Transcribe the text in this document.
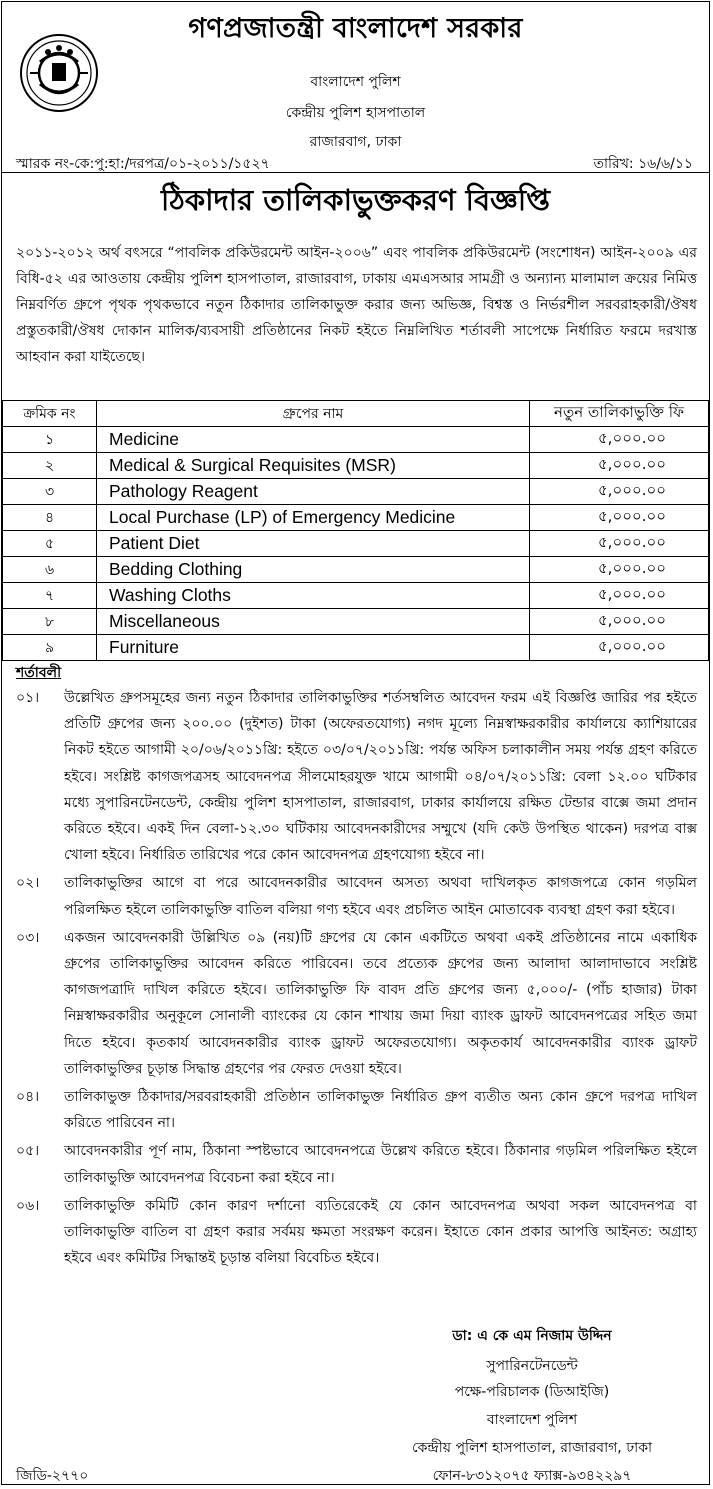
গণপ্রজাতন্ত্রী বাংলাদেশ সরকার
বাংলাদেশ পুলিশ
কেন্দ্রীয় পুলিশ হাসপাতাল
রাজারবাগ, ঢাকা
স্মারক নং-কে:পু:হা:/দরপত্র/০১-২০১১/১৫২৭	তারিখ: ১৬/৬/১১
ঠিকাদার তালিকাভুক্তকরণ বিজ্ঞপ্তি
২০১১-২০১২ অর্থ বৎসরে “পাবলিক প্রকিউরমেন্ট আইন-২০০৬” এবং পাবলিক প্রকিউরমেন্ট (সংশোধন) আইন-২০০৯ এর বিধি-৫২ এর আওতায় কেন্দ্রীয় পুলিশ হাসপাতাল, রাজারবাগ, ঢাকায় এমএসআর সামগ্রী ও অন্যান্য মালামাল ক্রয়ের নিমিত্ত নিম্নবর্ণিত গ্রুপে পৃথক পৃথকভাবে নতুন ঠিকাদার তালিকাভুক্ত করার জন্য অভিজ্ঞ, বিশ্বস্ত ও নির্ভরশীল সরবরাহকারী/ঔষধ প্রস্তুতকারী/ঔষধ দোকান মালিক/ব্যবসায়ী প্রতিষ্ঠানের নিকট হইতে নিম্নলিখিত শর্তাবলী সাপেক্ষে নির্ধারিত ফরমে দরখাস্ত আহবান করা যাইতেছে।
ক্রমিক নং	গ্রুপের নাম	নতুন তালিকাভুক্তি ফি
১	Medicine	৫,০০০.০০
২	Medical & Surgical Requisites (MSR)	৫,০০০.০০
৩	Pathology Reagent	৫,০০০.০০
৪	Local Purchase (LP) of Emergency Medicine	৫,০০০.০০
৫	Patient Diet	৫,০০০.০০
৬	Bedding Clothing	৫,০০০.০০
৭	Washing Cloths	৫,০০০.০০
৮	Miscellaneous	৫,০০০.০০
৯	Furniture	৫,০০০.০০
শর্তাবলী
০১।	উল্লেখিত গ্রুপসমূহের জন্য নতুন ঠিকাদার তালিকাভুক্তির শর্তসম্বলিত আবেদন ফরম এই বিজ্ঞপ্তি জারির পর হইতে প্রতিটি গ্রুপের জন্য ২০০.০০ (দুইশত) টাকা (অফেরতযোগ্য) নগদ মূল্যে নিম্নস্বাক্ষরকারীর কার্যালয়ে ক্যাশিয়ারের নিকট হইতে আগামী ২০/০৬/২০১১খ্রি: হইতে ০৩/০৭/২০১১খ্রি: পর্যন্ত অফিস চলাকালীন সময় পর্যন্ত গ্রহণ করিতে হইবে। সংশ্লিষ্ট কাগজপত্রসহ আবেদনপত্র সীলমোহরযুক্ত খামে আগামী ০৪/০৭/২০১১খ্রি: বেলা ১২.০০ ঘটিকার মধ্যে সুপারিনটেনডেন্ট, কেন্দ্রীয় পুলিশ হাসপাতাল, রাজারবাগ, ঢাকার কার্যালয়ে রক্ষিত টেন্ডার বাক্সে জমা প্রদান করিতে হইবে। একই দিন বেলা-১২.৩০ ঘটিকায় আবেদনকারীদের সম্মুখে (যদি কেউ উপস্থিত থাকেন) দরপত্র বাক্স খোলা হইবে। নির্ধারিত তারিখের পরে কোন আবেদনপত্র গ্রহণযোগ্য হইবে না।
০২।	তালিকাভুক্তির আগে বা পরে আবেদনকারীর আবেদন অসত্য অথবা দাখিলকৃত কাগজপত্রে কোন গড়মিল পরিলক্ষিত হইলে তালিকাভুক্তি বাতিল বলিয়া গণ্য হইবে এবং প্রচলিত আইন মোতাবেক ব্যবস্থা গ্রহণ করা হইবে।
০৩।	একজন আবেদনকারী উল্লিখিত ০৯ (নয়)টি গ্রুপের যে কোন একটিতে অথবা একই প্রতিষ্ঠানের নামে একাধিক গ্রুপের তালিকাভুক্তির আবেদন করিতে পারিবেন। তবে প্রত্যেক গ্রুপের জন্য আলাদা আলাদাভাবে সংশ্লিষ্ট কাগজপত্রাদি দাখিল করিতে হইবে। তালিকাভুক্তি ফি বাবদ প্রতি গ্রুপের জন্য ৫,০০০/- (পাঁচ হাজার) টাকা নিম্নস্বাক্ষরকারীর অনুকূলে সোনালী ব্যাংকের যে কোন শাখায় জমা দিয়া ব্যাংক ড্রাফট আবেদনপত্রের সহিত জমা দিতে হইবে। কৃতকার্য আবেদনকারীর ব্যাংক ড্রাফট অফেরতযোগ্য। অকৃতকার্য আবেদনকারীর ব্যাংক ড্রাফট তালিকাভুক্তির চূড়ান্ত সিদ্ধান্ত গ্রহণের পর ফেরত দেওয়া হইবে।
০৪।	তালিকাভুক্ত ঠিকাদার/সরবরাহকারী প্রতিষ্ঠান তালিকাভুক্ত নির্ধারিত গ্রুপ ব্যতীত অন্য কোন গ্রুপে দরপত্র দাখিল করিতে পারিবেন না।
০৫।	আবেদনকারীর পূর্ণ নাম, ঠিকানা স্পষ্টভাবে আবেদনপত্রে উল্লেখ করিতে হইবে। ঠিকানার গড়মিল পরিলক্ষিত হইলে তালিকাভুক্তি আবেদনপত্র বিবেচনা করা হইবে না।
০৬।	তালিকাভুক্তি কমিটি কোন কারণ দর্শানো ব্যতিরেকেই যে কোন আবেদনপত্র অথবা সকল আবেদনপত্র বা তালিকাভুক্তি বাতিল বা গ্রহণ করার সর্বময় ক্ষমতা সংরক্ষণ করেন। ইহাতে কোন প্রকার আপত্তি আইনত: অগ্রাহ্য হইবে এবং কমিটির সিদ্ধান্তই চূড়ান্ত বলিয়া বিবেচিত হইবে।
ডা: এ কে এম নিজাম উদ্দিন
সুপারিনটেনডেন্ট
পক্ষে-পরিচালক (ডিআইজি)
বাংলাদেশ পুলিশ
কেন্দ্রীয় পুলিশ হাসপাতাল, রাজারবাগ, ঢাকা
ফোন-৮৩১২০৭৫ ফ্যাক্স-৯৩৪২২৯৭
জিডি-২৭৭০
